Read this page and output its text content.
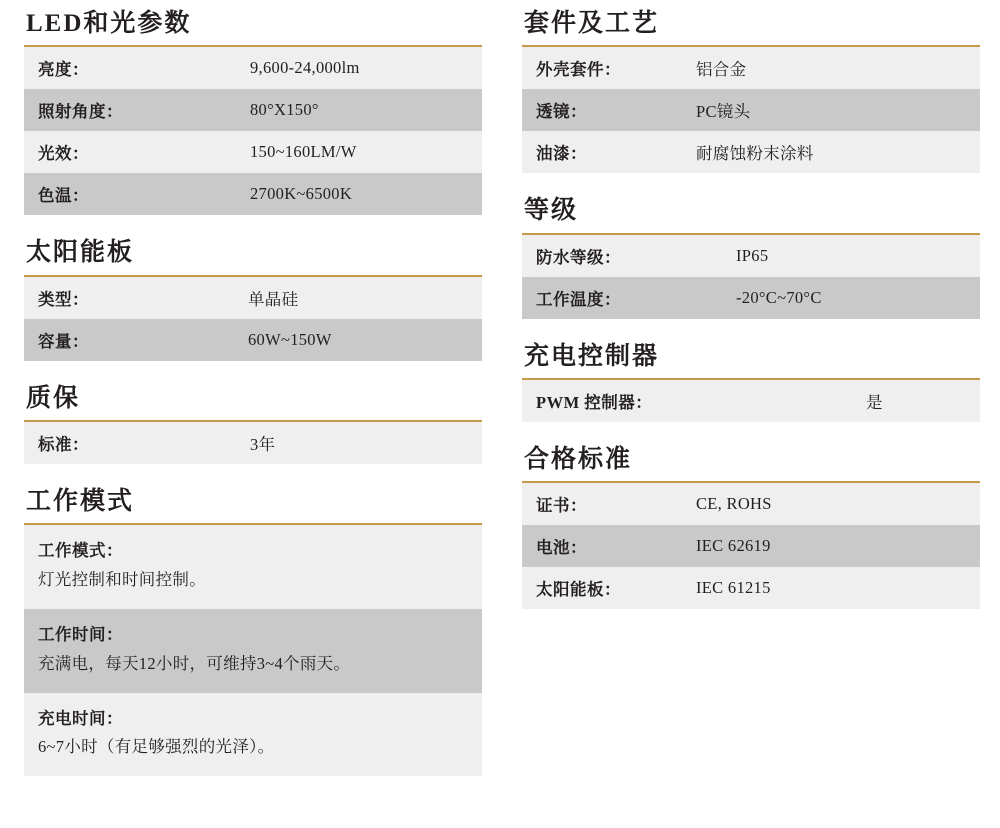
LED和光参数
亮度：	9,600-24,000lm
照射角度：	80°X150°
光效：	150~160LM/W
色温：	2700K~6500K
太阳能板
类型：	单晶硅
容量：	60W~150W
质保
标准：	3年
工作模式
工作模式：
灯光控制和时间控制。
工作时间：
充满电，每天12小时，可维持3~4个雨天。
充电时间：
6~7小时（有足够强烈的光泽）。
套件及工艺
外壳套件：	铝合金
透镜：	PC镜头
油漆：	耐腐蚀粉末涂料
等级
防水等级：	IP65
工作温度：	-20°C~70°C
充电控制器
PWM 控制器：	是
合格标准
证书：	CE, ROHS
电池：	IEC 62619
太阳能板：	IEC 61215
